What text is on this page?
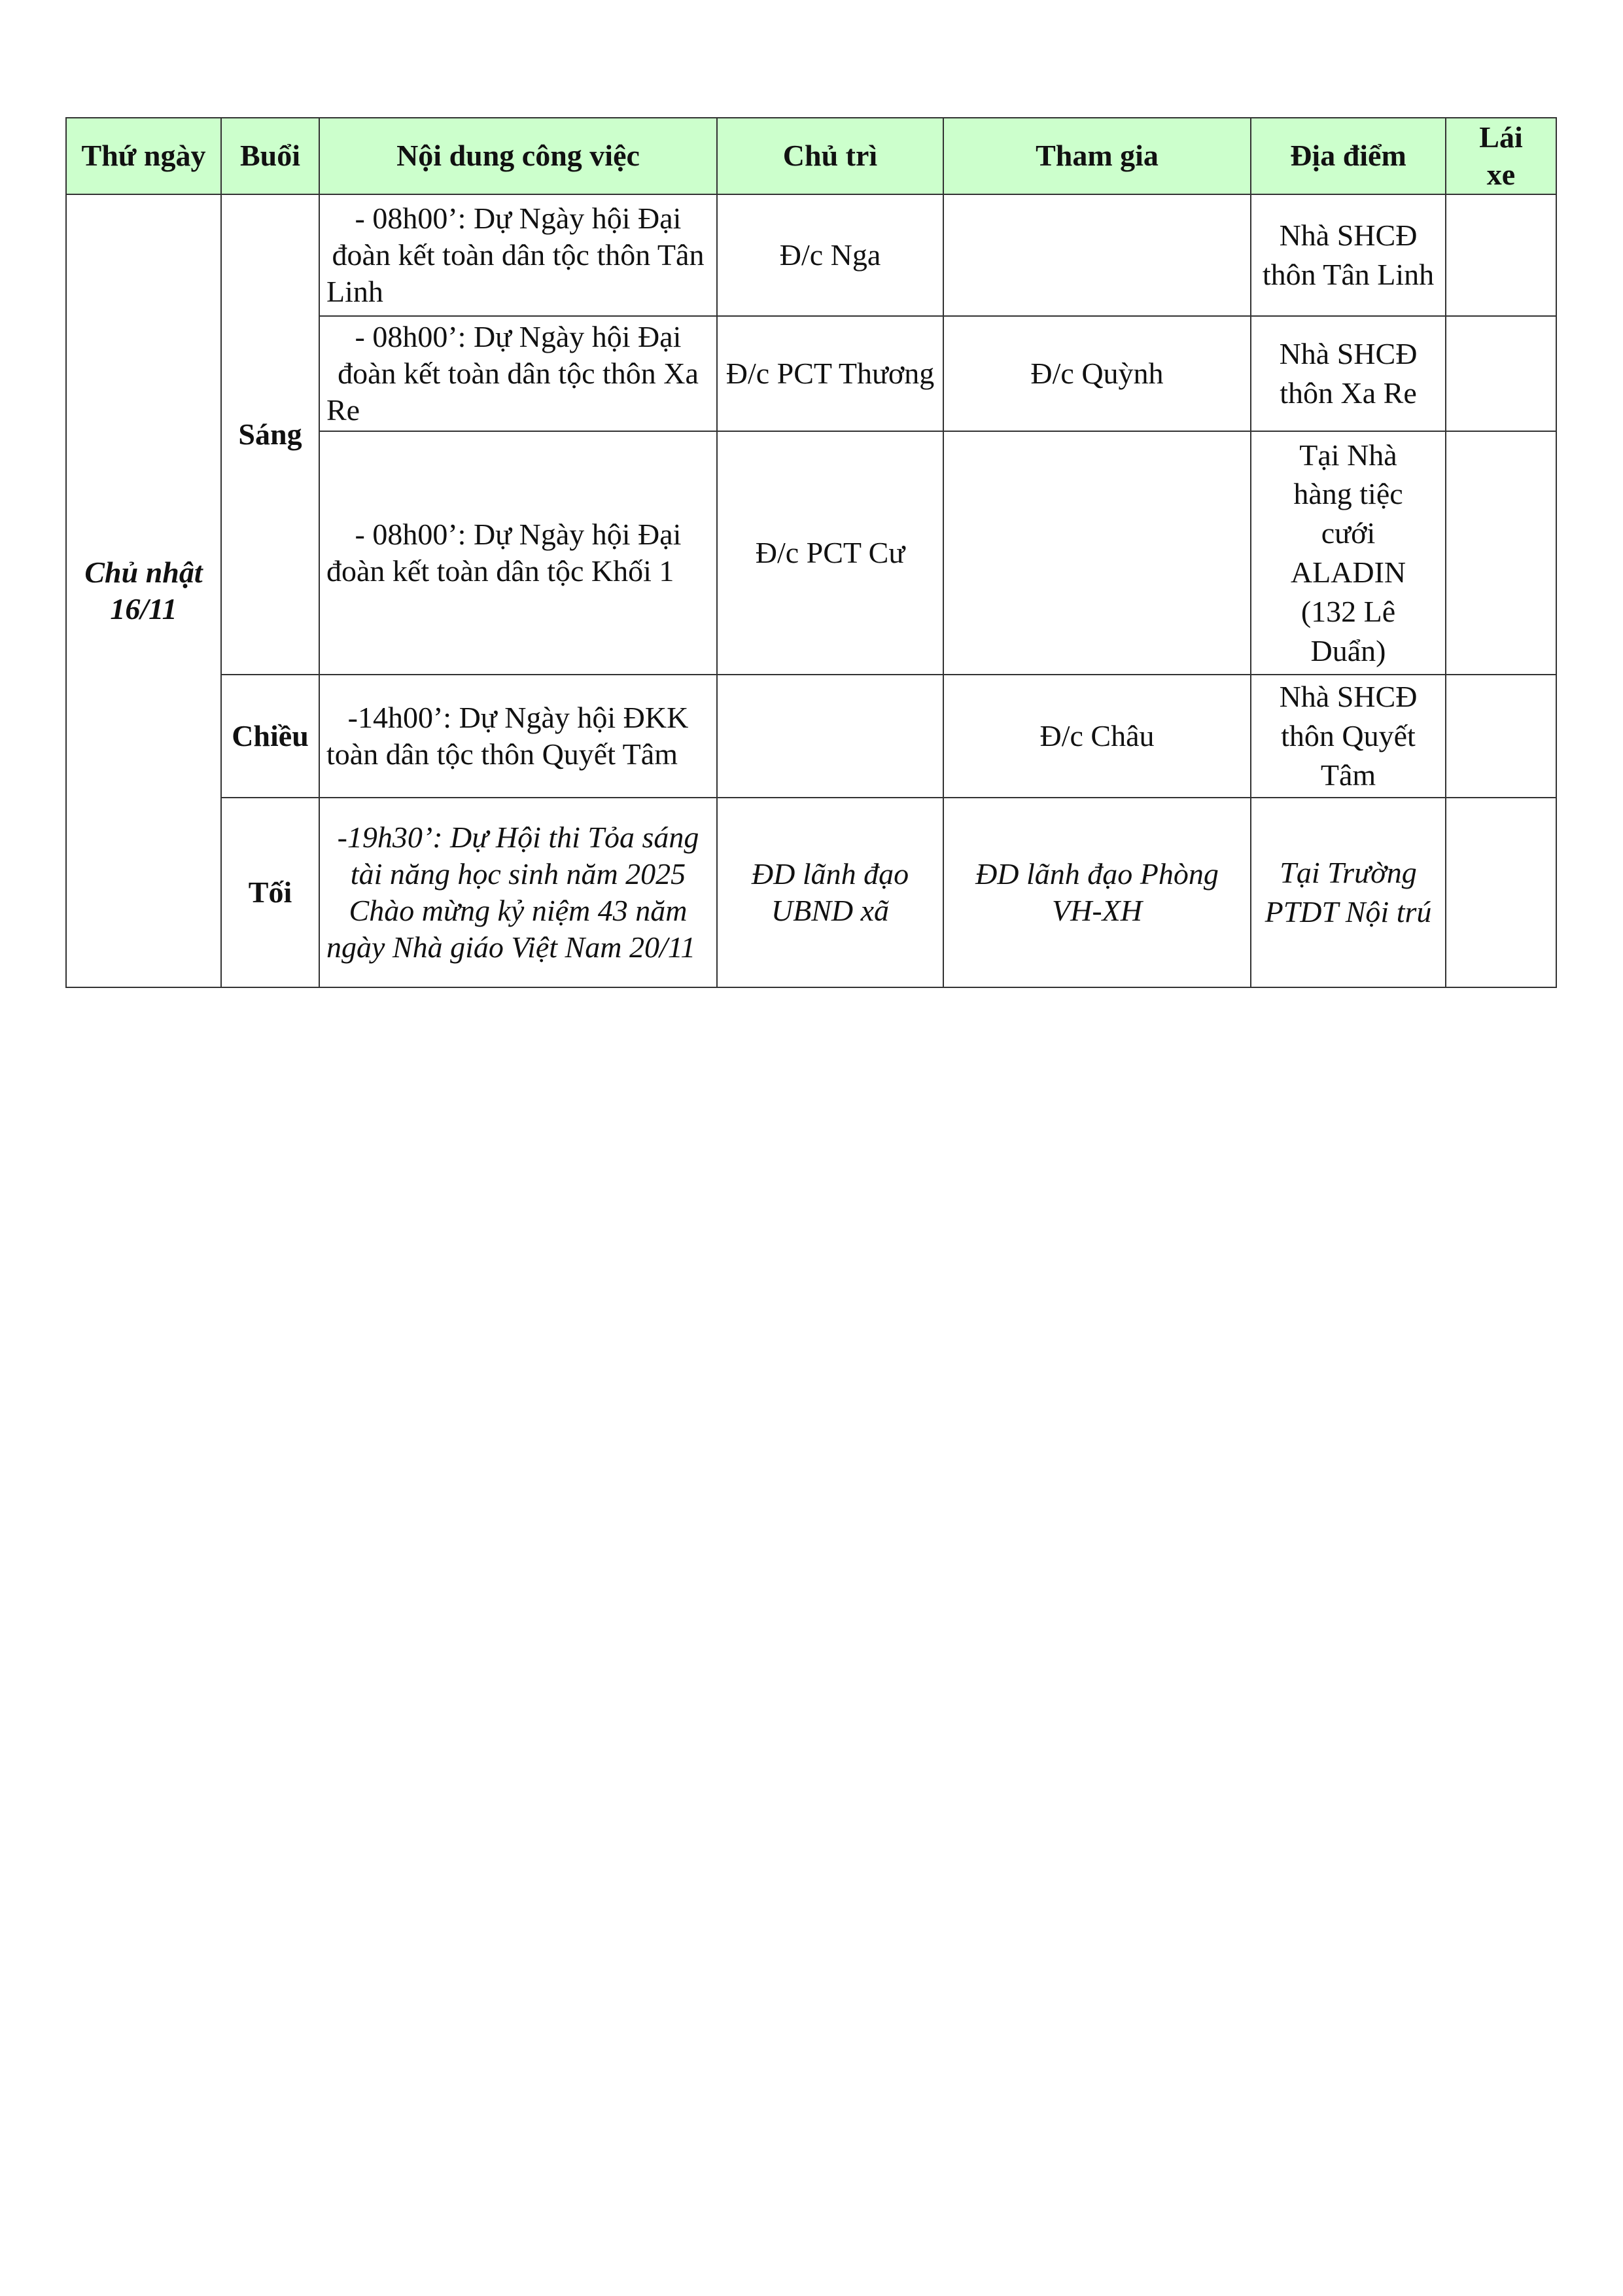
Thứ ngày	Buổi	Nội dung công việc	Chủ trì	Tham gia	Địa điểm	Lái xe

Chủ nhật
16/11	Sáng	- 08h00’: Dự Ngày hội Đại đoàn kết toàn dân tộc thôn Tân Linh	Đ/c Nga		Nhà SHCĐ thôn Tân Linh	
		- 08h00’: Dự Ngày hội Đại đoàn kết toàn dân tộc thôn Xa Re	Đ/c PCT Thương	Đ/c Quỳnh	Nhà SHCĐ thôn Xa Re	
		- 08h00’: Dự Ngày hội Đại đoàn kết toàn dân tộc Khối 1	Đ/c PCT Cư		Tại Nhà hàng tiệc cưới ALADIN (132 Lê Duẩn)	
	Chiều	-14h00’: Dự Ngày hội ĐKK toàn dân tộc thôn Quyết Tâm		Đ/c Châu	Nhà SHCĐ thôn Quyết Tâm	
	Tối	-19h30’: Dự Hội thi Tỏa sáng tài năng học sinh năm 2025 Chào mừng kỷ niệm 43 năm ngày Nhà giáo Việt Nam 20/11	ĐD lãnh đạo UBND xã	ĐD lãnh đạo Phòng VH-XH	Tại Trường PTDT Nội trú	
